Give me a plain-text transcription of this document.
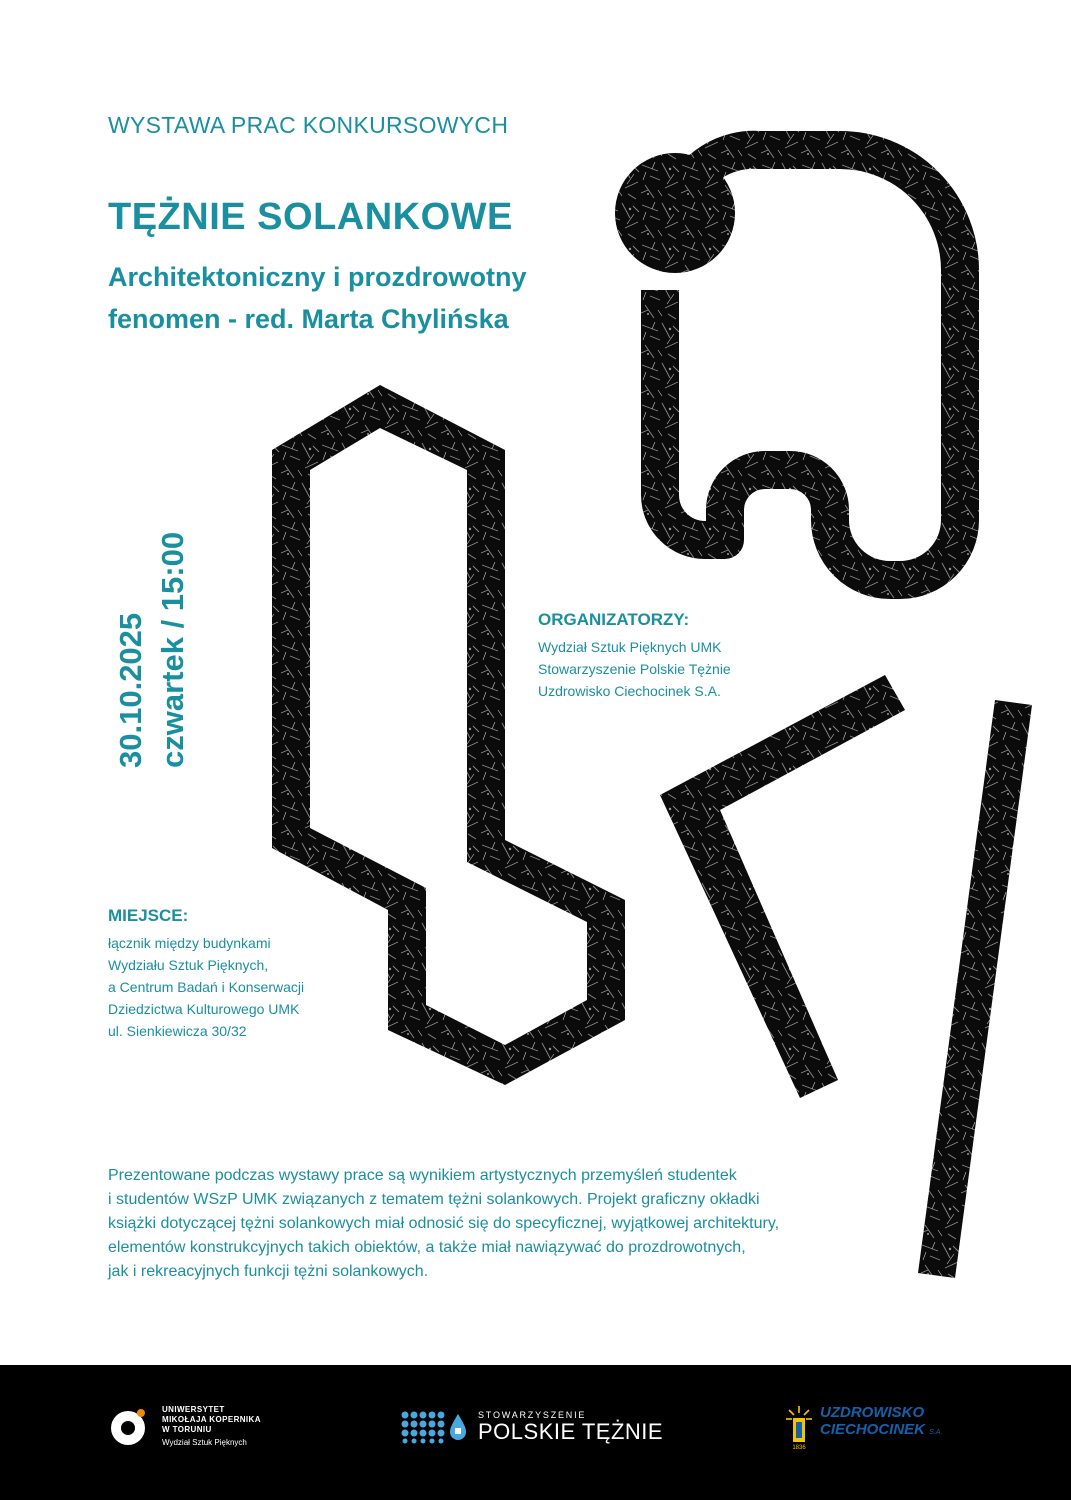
WYSTAWA PRAC KONKURSOWYCH
TĘŻNIE SOLANKOWE
Architektoniczny i prozdrowotny
fenomen - red. Marta Chylińska
30.10.2025 czwartek / 15:00	ORGANIZATORZY:
Wydział Sztuk Pięknych UMK
Stowarzyszenie Polskie Tężnie
Uzdrowisko Ciechocinek S.A.
MIEJSCE:
łącznik między budynkami
Wydziału Sztuk Pięknych,
a Centrum Badań i Konserwacji
Dziedzictwa Kulturowego UMK
ul. Sienkiewicza 30/32
Prezentowane podczas wystawy prace są wynikiem artystycznych przemyśleń studentek
i studentów WSzP UMK związanych z tematem tężni solankowych. Projekt graficzny okładki
książki dotyczącej tężni solankowych miał odnosić się do specyficznej, wyjątkowej architektury,
elementów konstrukcyjnych takich obiektów, a także miał nawiązywać do prozdrowotnych,
jak i rekreacyjnych funkcji tężni solankowych.
UNIWERSYTET
MIKOŁAJA KOPERNIKA
W TORUNIU
Wydział Sztuk Pięknych
STOWARZYSZENIE
POLSKIE TĘŻNIE
1836
UZDROWISKO
CIECHOCINEK S.A.
